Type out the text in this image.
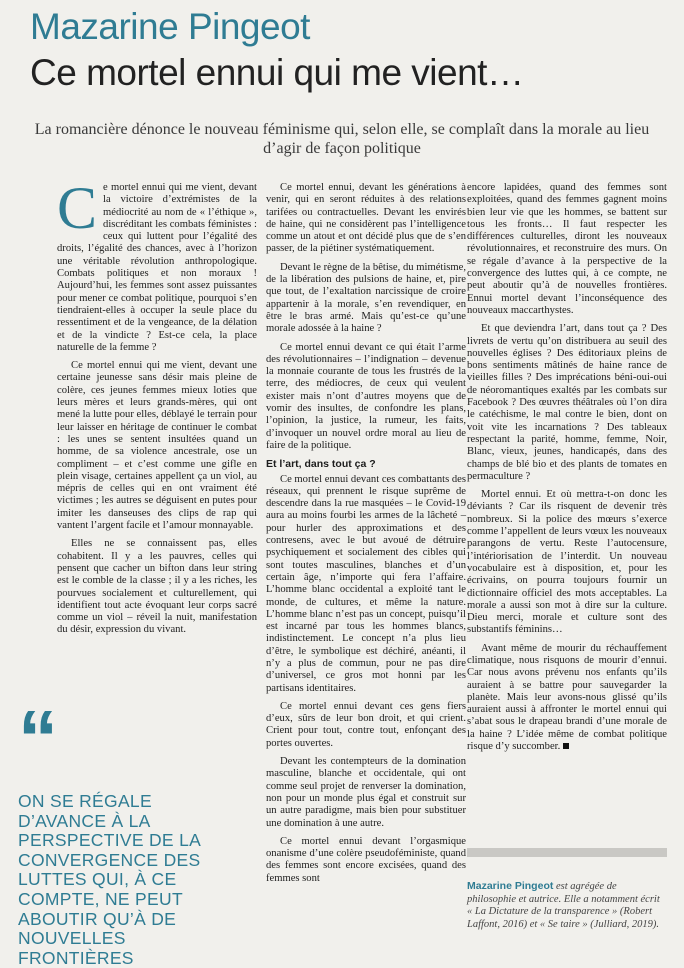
Mazarine Pingeot
Ce mortel ennui qui me vient…
La romancière dénonce le nouveau féminisme qui, selon elle, se complaît dans la morale au lieu d’agir de façon politique

Ce mortel ennui qui me vient, devant la victoire d’extrémistes de la médiocrité au nom de « l’éthique », discréditant les combats féministes : ceux qui luttent pour l’égalité des droits, l’égalité des chances, avec à l’horizon une véritable révolution anthropologique. Combats politiques et non moraux ! Aujourd’hui, les femmes sont assez puissantes pour mener ce combat politique, pourquoi s’en tiendraient-elles à occuper la seule place du ressentiment et de la vengeance, de la délation et de la vindicte ? Est-ce cela, la place naturelle de la femme ?

Ce mortel ennui qui me vient, devant une certaine jeunesse sans désir mais pleine de colère, ces jeunes femmes mieux loties que leurs mères et leurs grands-mères, qui ont mené la lutte pour elles, déblayé le terrain pour leur laisser en héritage de continuer le combat : les unes se sentent insultées quand un homme, de sa violence ancestrale, ose un compliment – et c’est comme une gifle en plein visage, certaines appellent ça un viol, au mépris de celles qui en ont vraiment été victimes ; les autres se déguisent en putes pour imiter les danseuses des clips de rap qui vantent l’argent facile et l’amour monnayable.

Elles ne se connaissent pas, elles cohabitent. Il y a les pauvres, celles qui pensent que cacher un bifton dans leur string est le comble de la classe ; il y a les riches, les pourvues socialement et culturellement, qui identifient tout acte évoquant leur corps sacré comme un viol – réveil la nuit, manifestation du désir, expression du vivant.

Ce mortel ennui, devant les générations à venir, qui en seront réduites à des relations tarifées ou contractuelles. Devant les envirés de haine, qui ne considèrent pas l’intelligence comme un atout et ont décidé plus que de s’en passer, de la piétiner systématiquement.

Devant le règne de la bêtise, du mimétisme, de la libération des pulsions de haine, et, pire que tout, de l’exaltation narcissique de croire appartenir à la morale, s’en revendiquer, en être le bras armé. Mais qu’est-ce qu’une morale adossée à la haine ?

Ce mortel ennui devant ce qui était l’arme des révolutionnaires – l’indignation – devenue la monnaie courante de tous les frustrés de la terre, des médiocres, de ceux qui veulent exister mais n’ont d’autres moyens que de vomir des insultes, de confondre les plans, l’opinion, la justice, la rumeur, les faits, d’invoquer un nouvel ordre moral au lieu de faire de la politique.

Et l’art, dans tout ça ?

Ce mortel ennui devant ces combattants des réseaux, qui prennent le risque suprême de descendre dans la rue masquées – le Covid-19 aura au moins fourbi les armes de la lâcheté – pour hurler des approximations et des contresens, avec le but avoué de détruire psychiquement et socialement des cibles qui sont toutes masculines, blanches et d’un certain âge, n’importe qui fera l’affaire. L’homme blanc occidental a exploité tant le monde, de cultures, et même la nature. L’homme blanc n’est pas un concept, puisqu’il est incarné par tous les hommes blancs, indistinctement. Le concept n’a plus lieu d’être, le symbolique est déchiré, anéanti, il n’y a plus de commun, pour ne pas dire d’universel, ce gros mot honni par les partisans identitaires.

Ce mortel ennui devant ces gens fiers d’eux, sûrs de leur bon droit, et qui crient. Crient pour tout, contre tout, enfonçant des portes ouvertes.

Devant les contempteurs de la domination masculine, blanche et occidentale, qui ont comme seul projet de renverser la domination, non pour un monde plus égal et construit sur un autre paradigme, mais bien pour substituer une domination à une autre.

Ce mortel ennui devant l’orgasmique onanisme d’une colère pseudoféministe, quand des femmes sont encore excisées, quand des femmes sont

encore lapidées, quand des femmes sont exploitées, quand des femmes gagnent moins bien leur vie que les hommes, se battent sur tous les fronts… Il faut respecter les différences culturelles, diront les nouveaux révolutionnaires, et reconstruire des murs. On se régale d’avance à la perspective de la convergence des luttes qui, à ce compte, ne peut aboutir qu’à de nouvelles frontières. Ennui mortel devant l’inconséquence des nouveaux maccarthystes.

Et que deviendra l’art, dans tout ça ? Des livrets de vertu qu’on distribuera au seuil des nouvelles églises ? Des éditoriaux pleins de bons sentiments mâtinés de haine rance de vieilles filles ? Des imprécations béni-oui-oui de néoromantiques exaltés par les combats sur Facebook ? Des œuvres théâtrales où l’on dira le catéchisme, le mal contre le bien, dont on voit vite les incarnations ? Des tableaux respectant la parité, homme, femme, Noir, Blanc, vieux, jeunes, handicapés, dans des champs de blé bio et des plants de tomates en permaculture ?

Mortel ennui. Et où mettra-t-on donc les déviants ? Car ils risquent de devenir très nombreux. Si la police des mœurs s’exerce comme l’appellent de leurs vœux les nouveaux parangons de vertu. Reste l’autocensure, l’intériorisation de l’interdit. Un nouveau vocabulaire est à disposition, et, pour les écrivains, on pourra toujours fournir un dictionnaire officiel des mots acceptables. La morale a aussi son mot à dire sur la culture. Dieu merci, morale et culture sont des substantifs féminins…

Avant même de mourir du réchauffement climatique, nous risquons de mourir d’ennui. Car nous avons prévenu nos enfants qu’ils auraient à se battre pour sauvegarder la planète. Mais leur avons-nous glissé qu’ils auraient aussi à affronter le mortel ennui qui s’abat sous le drapeau brandi d’une morale de la haine ? L’idée même de combat politique risque d’y succomber.

“
ON SE RÉGALE D’AVANCE À LA PERSPECTIVE DE LA CONVERGENCE DES LUTTES QUI, À CE COMPTE, NE PEUT ABOUTIR QU’À DE NOUVELLES FRONTIÈRES
Mazarine Pingeot est agrégée de philosophie et autrice. Elle a notamment écrit « La Dictature de la transparence » (Robert Laffont, 2016) et « Se taire » (Julliard, 2019).
